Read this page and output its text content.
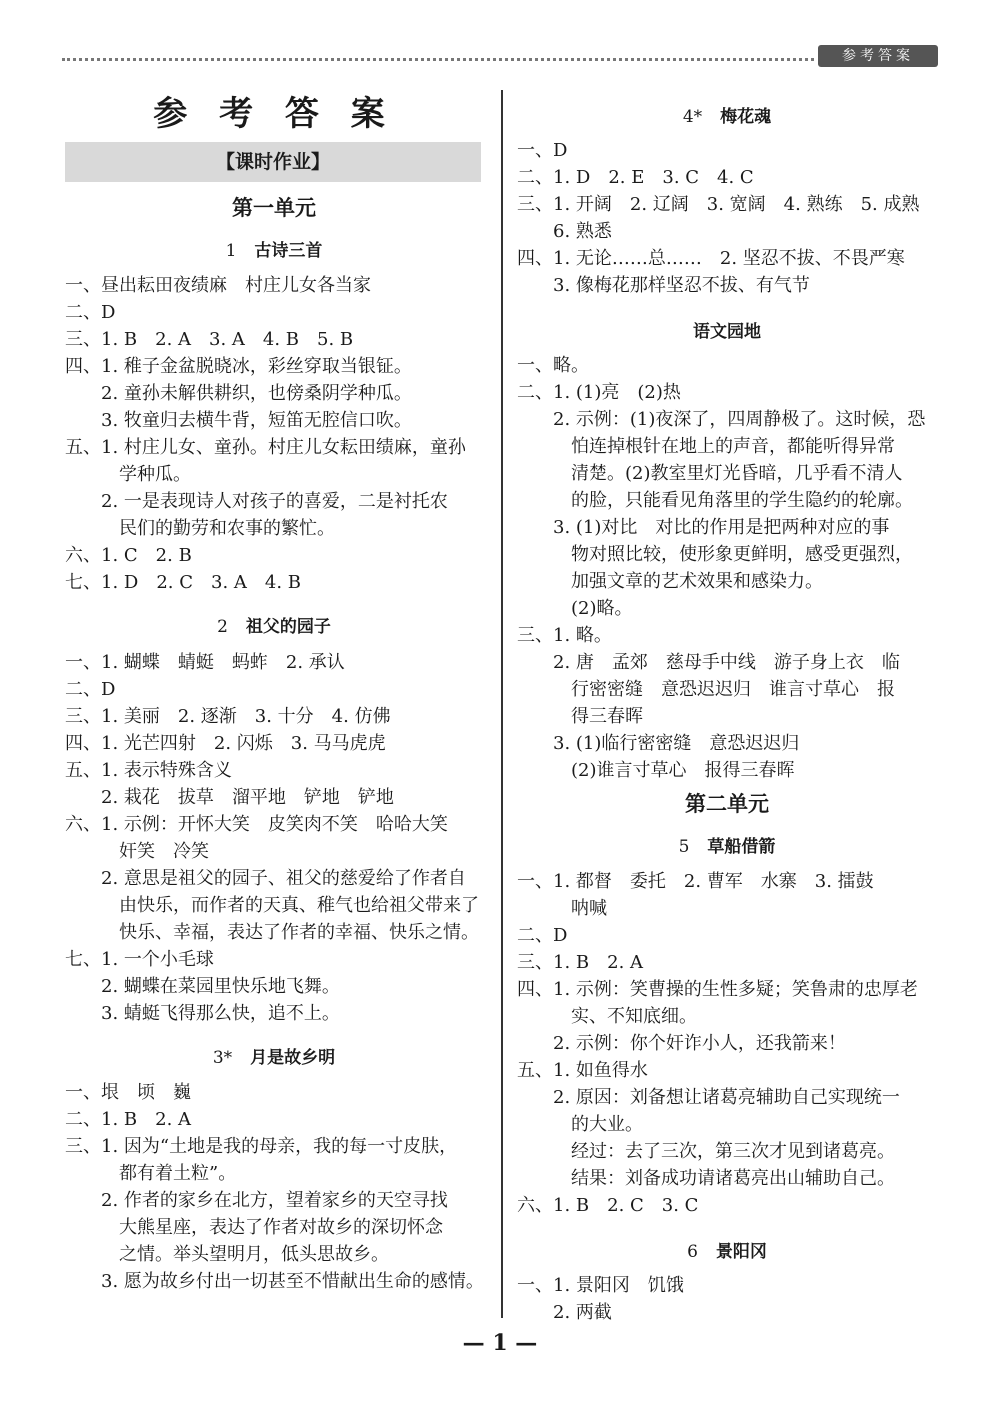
参考答案
参 考 答 案
【课时作业】
第一单元
1 古诗三首
一、昼出耘田夜绩麻　村庄儿女各当家
二、D
三、1. B　2. A　3. A　4. B　5. B
四、1. 稚子金盆脱晓冰，彩丝穿取当银钲。
2. 童孙未解供耕织，也傍桑阴学种瓜。
3. 牧童归去横牛背，短笛无腔信口吹。
五、1. 村庄儿女、童孙。村庄儿女耘田绩麻，童孙
学种瓜。
2. 一是表现诗人对孩子的喜爱，二是衬托农
民们的勤劳和农事的繁忙。
六、1. C　2. B
七、1. D　2. C　3. A　4. B
2 祖父的园子
一、1. 蝴蝶　蜻蜓　蚂蚱　2. 承认
二、D
三、1. 美丽　2. 逐渐　3. 十分　4. 仿佛
四、1. 光芒四射　2. 闪烁　3. 马马虎虎
五、1. 表示特殊含义
2. 栽花　拔草　溜平地　铲地　铲地
六、1. 示例：开怀大笑　皮笑肉不笑　哈哈大笑
奸笑　冷笑
2. 意思是祖父的园子、祖父的慈爱给了作者自
由快乐，而作者的天真、稚气也给祖父带来了
快乐、幸福，表达了作者的幸福、快乐之情。
七、1. 一个小毛球
2. 蝴蝶在菜园里快乐地飞舞。
3. 蜻蜓飞得那么快，追不上。
3* 月是故乡明
一、垠　顷　巍
二、1. B　2. A
三、1. 因为“土地是我的母亲，我的每一寸皮肤，
都有着土粒”。
2. 作者的家乡在北方，望着家乡的天空寻找
大熊星座，表达了作者对故乡的深切怀念
之情。举头望明月，低头思故乡。
3. 愿为故乡付出一切甚至不惜献出生命的感情。
4* 梅花魂
一、D
二、1. D　2. E　3. C　4. C
三、1. 开阔　2. 辽阔　3. 宽阔　4. 熟练　5. 成熟
6. 熟悉
四、1. 无论……总……　2. 坚忍不拔、不畏严寒
3. 像梅花那样坚忍不拔、有气节
语文园地
一、略。
二、1. (1)亮　(2)热
2. 示例：(1)夜深了，四周静极了。这时候，恐
怕连掉根针在地上的声音，都能听得异常
清楚。(2)教室里灯光昏暗，几乎看不清人
的脸，只能看见角落里的学生隐约的轮廓。
3. (1)对比　对比的作用是把两种对应的事
物对照比较，使形象更鲜明，感受更强烈，
加强文章的艺术效果和感染力。
(2)略。
三、1. 略。
2. 唐　孟郊　慈母手中线　游子身上衣　临
行密密缝　意恐迟迟归　谁言寸草心　报
得三春晖
3. (1)临行密密缝　意恐迟迟归
(2)谁言寸草心　报得三春晖
第二单元
5 草船借箭
一、1. 都督　委托　2. 曹军　水寨　3. 擂鼓
呐喊
二、D
三、1. B　2. A
四、1. 示例：笑曹操的生性多疑；笑鲁肃的忠厚老
实、不知底细。
2. 示例：你个奸诈小人，还我箭来！
五、1. 如鱼得水
2. 原因：刘备想让诸葛亮辅助自己实现统一
的大业。
经过：去了三次，第三次才见到诸葛亮。
结果：刘备成功请诸葛亮出山辅助自己。
六、1. B　2. C　3. C
6 景阳冈
一、1. 景阳冈　饥饿
2. 两截
— 1 —
